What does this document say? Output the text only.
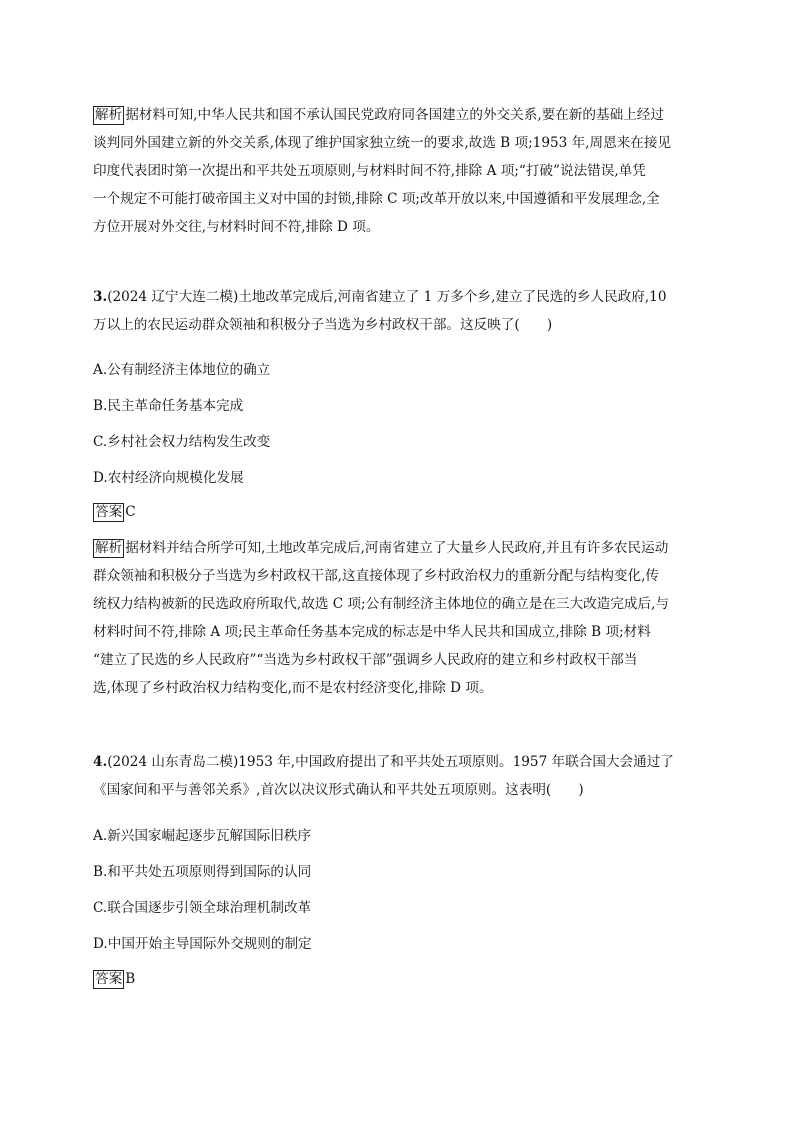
解析 据材料可知,中华人民共和国不承认国民党政府同各国建立的外交关系,要在新的基础上经过
谈判同外国建立新的外交关系,体现了维护国家独立统一的要求,故选 B 项;1953 年,周恩来在接见
印度代表团时第一次提出和平共处五项原则,与材料时间不符,排除 A 项;“打破”说法错误,单凭
一个规定不可能打破帝国主义对中国的封锁,排除 C 项;改革开放以来,中国遵循和平发展理念,全
方位开展对外交往,与材料时间不符,排除 D 项。
3.(2024 辽宁大连二模)土地改革完成后,河南省建立了 1 万多个乡,建立了民选的乡人民政府,10
万以上的农民运动群众领袖和积极分子当选为乡村政权干部。这反映了(　　)
A.公有制经济主体地位的确立
B.民主革命任务基本完成
C.乡村社会权力结构发生改变
D.农村经济向规模化发展
答案 C
解析 据材料并结合所学可知,土地改革完成后,河南省建立了大量乡人民政府,并且有许多农民运动
群众领袖和积极分子当选为乡村政权干部,这直接体现了乡村政治权力的重新分配与结构变化,传
统权力结构被新的民选政府所取代,故选 C 项;公有制经济主体地位的确立是在三大改造完成后,与
材料时间不符,排除 A 项;民主革命任务基本完成的标志是中华人民共和国成立,排除 B 项;材料
“建立了民选的乡人民政府”“当选为乡村政权干部”强调乡人民政府的建立和乡村政权干部当
选,体现了乡村政治权力结构变化,而不是农村经济变化,排除 D 项。
4.(2024 山东青岛二模)1953 年,中国政府提出了和平共处五项原则。1957 年联合国大会通过了
《国家间和平与善邻关系》,首次以决议形式确认和平共处五项原则。这表明(　　)
A.新兴国家崛起逐步瓦解国际旧秩序
B.和平共处五项原则得到国际的认同
C.联合国逐步引领全球治理机制改革
D.中国开始主导国际外交规则的制定
答案 B
